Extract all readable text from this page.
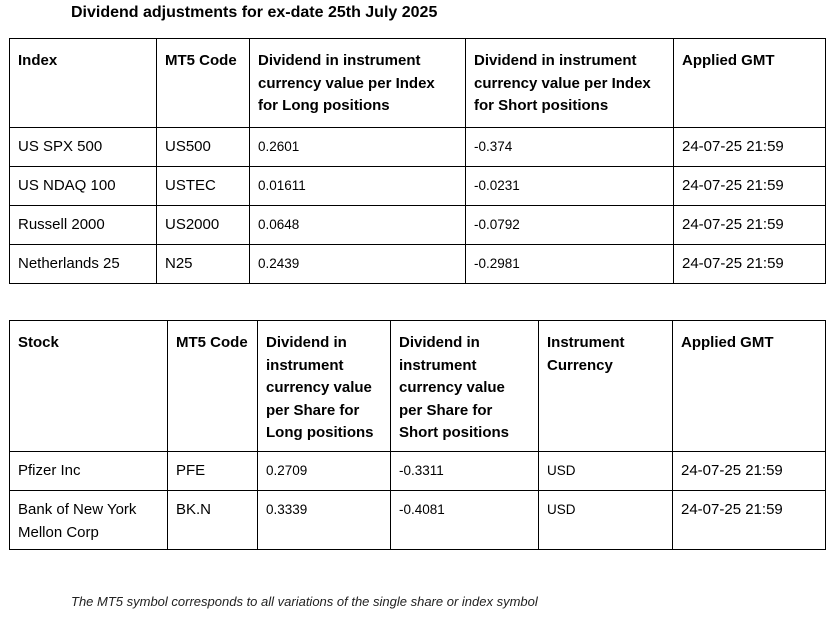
Dividend adjustments for ex-date 25th July 2025
Index	MT5 Code	Dividend in instrument currency value per Index for Long positions	Dividend in instrument currency value per Index for Short positions	Applied GMT
US SPX 500	US500	0.2601	-0.374	24-07-25 21:59
US NDAQ 100	USTEC	0.01611	-0.0231	24-07-25 21:59
Russell 2000	US2000	0.0648	-0.0792	24-07-25 21:59
Netherlands 25	N25	0.2439	-0.2981	24-07-25 21:59
Stock	MT5 Code	Dividend in instrument currency value per Share for Long positions	Dividend in instrument currency value per Share for Short positions	Instrument Currency	Applied GMT
Pfizer Inc	PFE	0.2709	-0.3311	USD	24-07-25 21:59
Bank of New York Mellon Corp	BK.N	0.3339	-0.4081	USD	24-07-25 21:59
The MT5 symbol corresponds to all variations of the single share or index symbol
